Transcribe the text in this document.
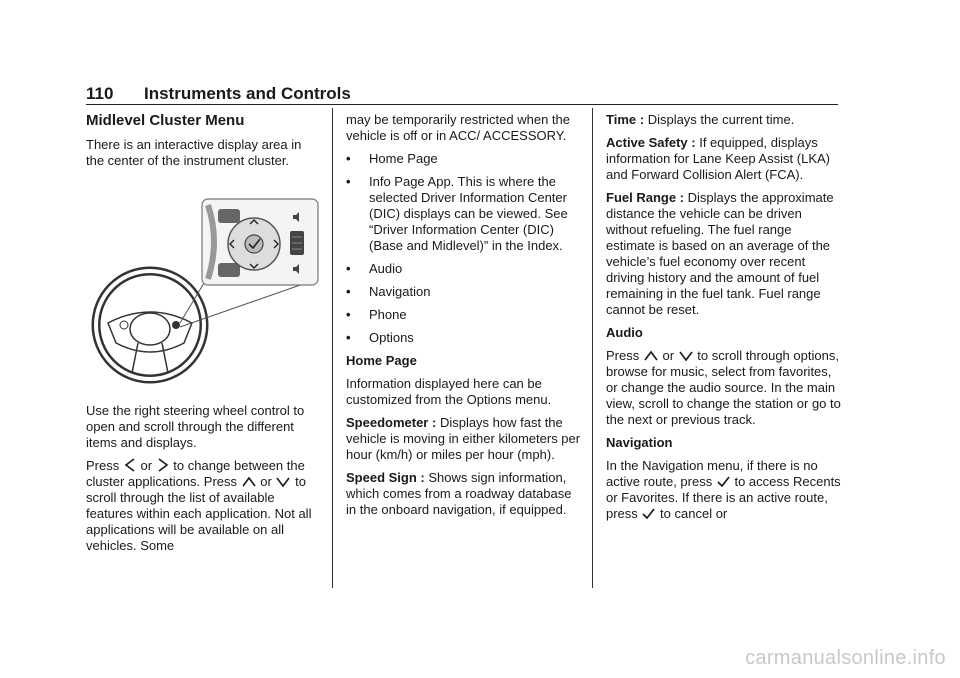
110 Instruments and Controls
Midlevel Cluster Menu

There is an interactive display area in the center of the instrument cluster.

Use the right steering wheel control to open and scroll through the different items and displays.

Press or to change between the cluster applications. Press or to scroll through the list of available features within each application. Not all applications will be available on all vehicles. Some

may be temporarily restricted when the vehicle is off or in ACC/ ACCESSORY.

• Home Page
• Info Page App. This is where the selected Driver Information Center (DIC) displays can be viewed. See “Driver Information Center (DIC) (Base and Midlevel)” in the Index.
• Audio
• Navigation
• Phone
• Options

Home Page

Information displayed here can be customized from the Options menu.

Speedometer : Displays how fast the vehicle is moving in either kilometers per hour (km/h) or miles per hour (mph).

Speed Sign : Shows sign information, which comes from a roadway database in the onboard navigation, if equipped.

Time : Displays the current time.

Active Safety : If equipped, displays information for Lane Keep Assist (LKA) and Forward Collision Alert (FCA).

Fuel Range : Displays the approximate distance the vehicle can be driven without refueling. The fuel range estimate is based on an average of the vehicle’s fuel economy over recent driving history and the amount of fuel remaining in the fuel tank. Fuel range cannot be reset.

Audio

Press or to scroll through options, browse for music, select from favorites, or change the audio source. In the main view, scroll to change the station or go to the next or previous track.

Navigation

In the Navigation menu, if there is no active route, press to access Recents or Favorites. If there is an active route, press to cancel or

carmanualsonline.info
